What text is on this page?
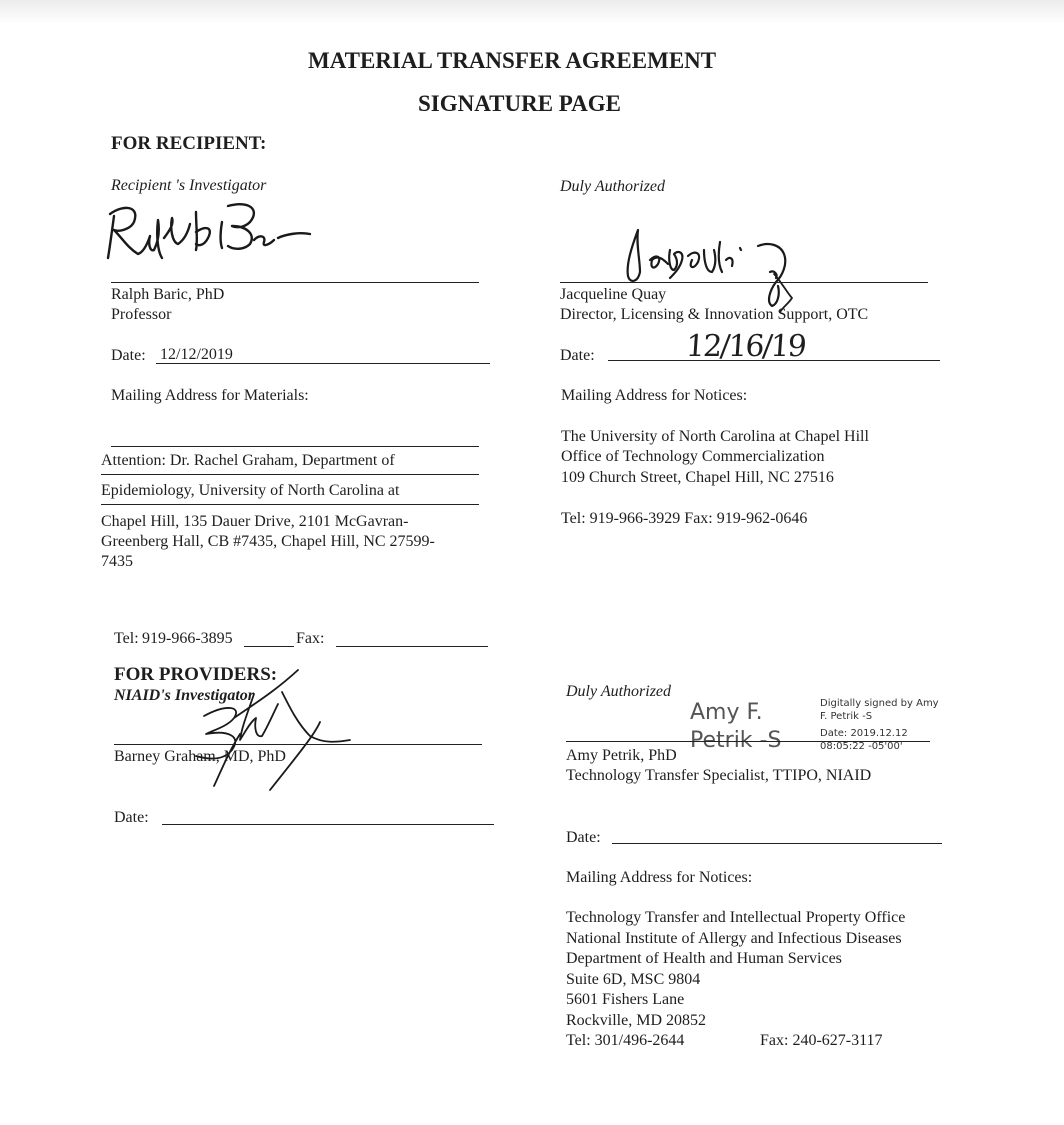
MATERIAL TRANSFER AGREEMENT
SIGNATURE PAGE
FOR RECIPIENT:
Recipient 's Investigator
Ralph Baric, PhD
Professor
Date: 12/12/2019
Duly Authorized
Jacqueline Quay
Director, Licensing & Innovation Support, OTC
Date:	12/16/19
Mailing Address for Materials:
Attention: Dr. Rachel Graham, Department of
Epidemiology, University of North Carolina at
Chapel Hill, 135 Dauer Drive, 2101 McGavran-
Greenberg Hall, CB #7435, Chapel Hill, NC 27599-
7435
Tel: 919-966-3895	Fax:
Mailing Address for Notices:
The University of North Carolina at Chapel Hill
Office of Technology Commercialization
109 Church Street, Chapel Hill, NC 27516
Tel: 919-966-3929 Fax: 919-962-0646
FOR PROVIDERS:
NIAID's Investigator
Barney Graham, MD, PhD
Date:
Duly Authorized
Amy F.
Petrik -S
Digitally signed by Amy
F. Petrik -S
Date: 2019.12.12
08:05:22 -05'00'
Amy Petrik, PhD
Technology Transfer Specialist, TTIPO, NIAID
Date:
Mailing Address for Notices:
Technology Transfer and Intellectual Property Office
National Institute of Allergy and Infectious Diseases
Department of Health and Human Services
Suite 6D, MSC 9804
5601 Fishers Lane
Rockville, MD 20852
Tel: 301/496-2644	Fax: 240-627-3117
